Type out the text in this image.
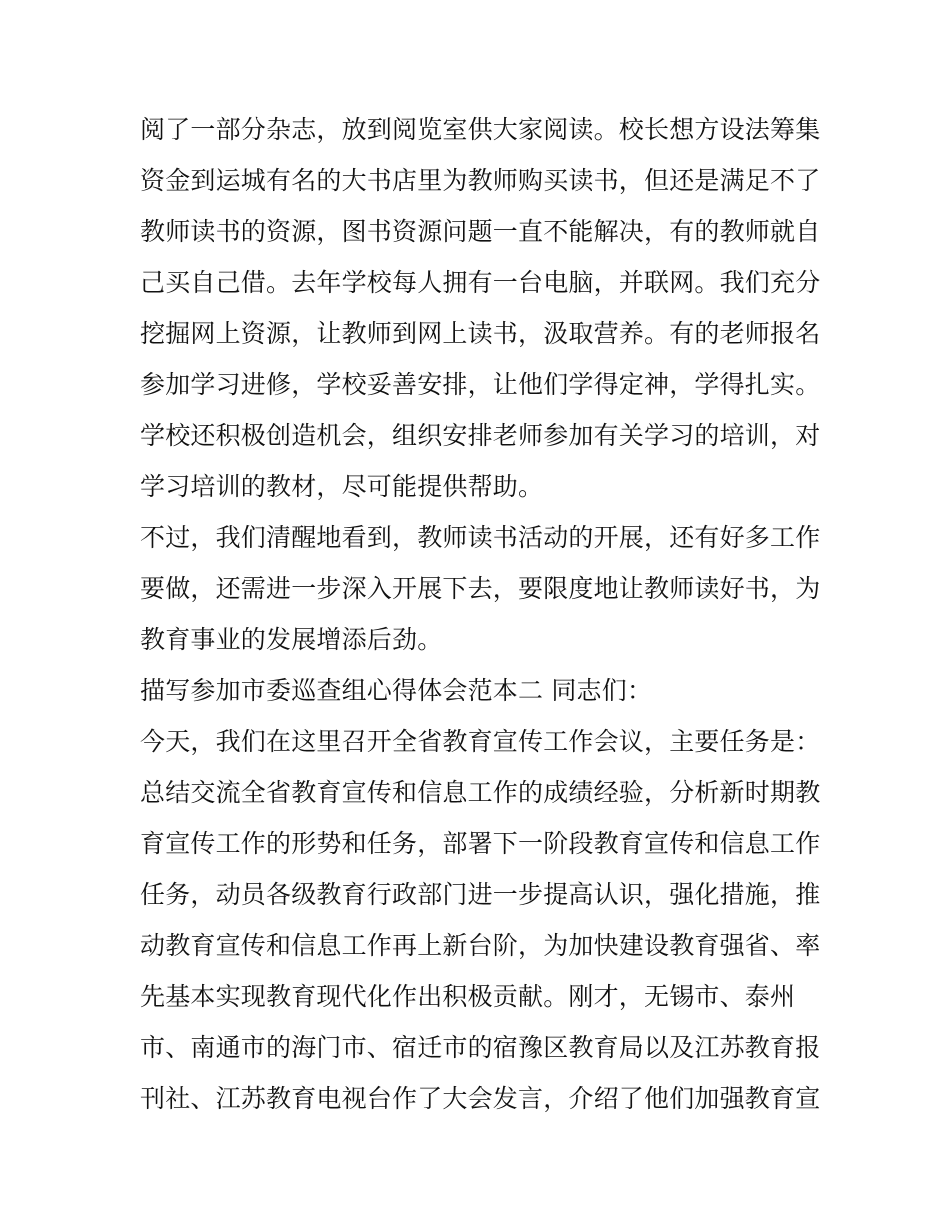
阅了一部分杂志，放到阅览室供大家阅读。校长想方设法筹集
资金到运城有名的大书店里为教师购买读书，但还是满足不了
教师读书的资源，图书资源问题一直不能解决，有的教师就自
己买自己借。去年学校每人拥有一台电脑，并联网。我们充分
挖掘网上资源，让教师到网上读书，汲取营养。有的老师报名
参加学习进修，学校妥善安排，让他们学得定神，学得扎实。
学校还积极创造机会，组织安排老师参加有关学习的培训，对
学习培训的教材，尽可能提供帮助。
不过，我们清醒地看到，教师读书活动的开展，还有好多工作
要做，还需进一步深入开展下去，要限度地让教师读好书，为
教育事业的发展增添后劲。
描写参加市委巡查组心得体会范本二 同志们：
今天，我们在这里召开全省教育宣传工作会议，主要任务是：
总结交流全省教育宣传和信息工作的成绩经验，分析新时期教
育宣传工作的形势和任务，部署下一阶段教育宣传和信息工作
任务，动员各级教育行政部门进一步提高认识，强化措施，推
动教育宣传和信息工作再上新台阶，为加快建设教育强省、率
先基本实现教育现代化作出积极贡献。刚才，无锡市、泰州
市、南通市的海门市、宿迁市的宿豫区教育局以及江苏教育报
刊社、江苏教育电视台作了大会发言，介绍了他们加强教育宣
